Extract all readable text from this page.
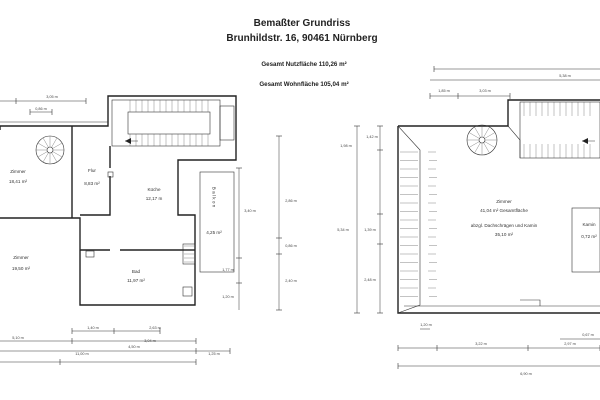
Bemaßter Grundriss
Brunhildstr. 16, 90461 Nürnberg
Gesamt Nutzfläche 110,26 m²
Gesamt Wohnfläche 105,04 m²
3,05 m
0,86 m
Zimmer
18,41 m²
Flur
8,83 m²
Küche
12,17 m	B a l k o n
4,25 m²
Zimmer
19,50 m²
Bad
11,97 m²
2,86 m
0,86 m
2,40 m
3,40 m
1,77 m
1,20 m
1,40 m	2,63 m
5,10 m
3,04 m
4,50 m
1,25 m
11,00 m
5,38 m
1,85 m	3,03 m
Zimmer
41,04 m² Gesamtfläche
abzgl. Dachschrägen und Kamin
35,10 m²
Kamin
0,72 m²
5,34 m
1,42 m
1,98 m
1,39 m
2,48 m
1,20 m
0,67 m
3,22 m	2,97 m
6,90 m
